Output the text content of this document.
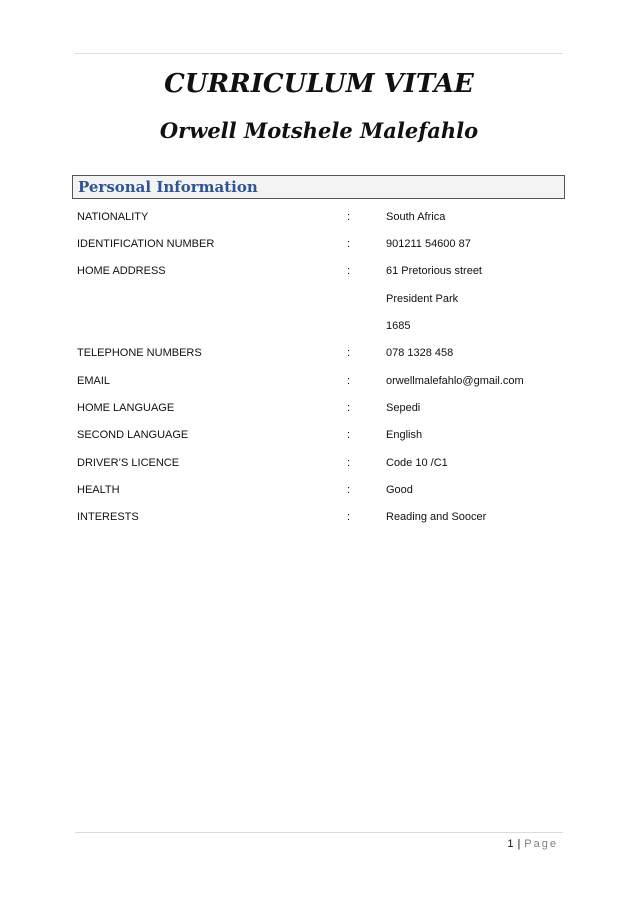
CURRICULUM VITAE
Orwell Motshele Malefahlo
Personal Information
NATIONALITY	:	South Africa
IDENTIFICATION NUMBER	:	901211 54600 87
HOME ADDRESS	:	61 Pretorious street
President Park
1685
TELEPHONE NUMBERS	:	078 1328 458
EMAIL	:	orwellmalefahlo@gmail.com
HOME LANGUAGE	:	Sepedi
SECOND LANGUAGE	:	English
DRIVER’S LICENCE	:	Code 10 /C1
HEALTH	:	Good
INTERESTS	:	Reading and Soocer
1 | Page
